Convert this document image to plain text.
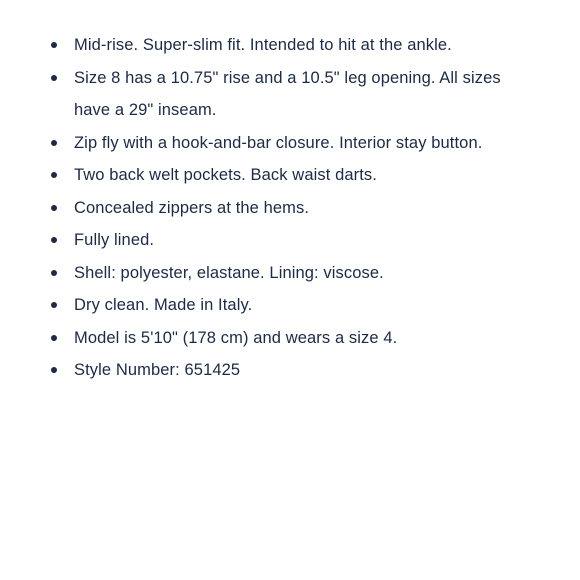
Mid-rise. Super-slim fit. Intended to hit at the ankle.
Size 8 has a 10.75" rise and a 10.5" leg opening. All sizes have a 29" inseam.
Zip fly with a hook-and-bar closure. Interior stay button.
Two back welt pockets. Back waist darts.
Concealed zippers at the hems.
Fully lined.
Shell: polyester, elastane. Lining: viscose.
Dry clean. Made in Italy.
Model is 5'10" (178 cm) and wears a size 4.
Style Number: 651425
